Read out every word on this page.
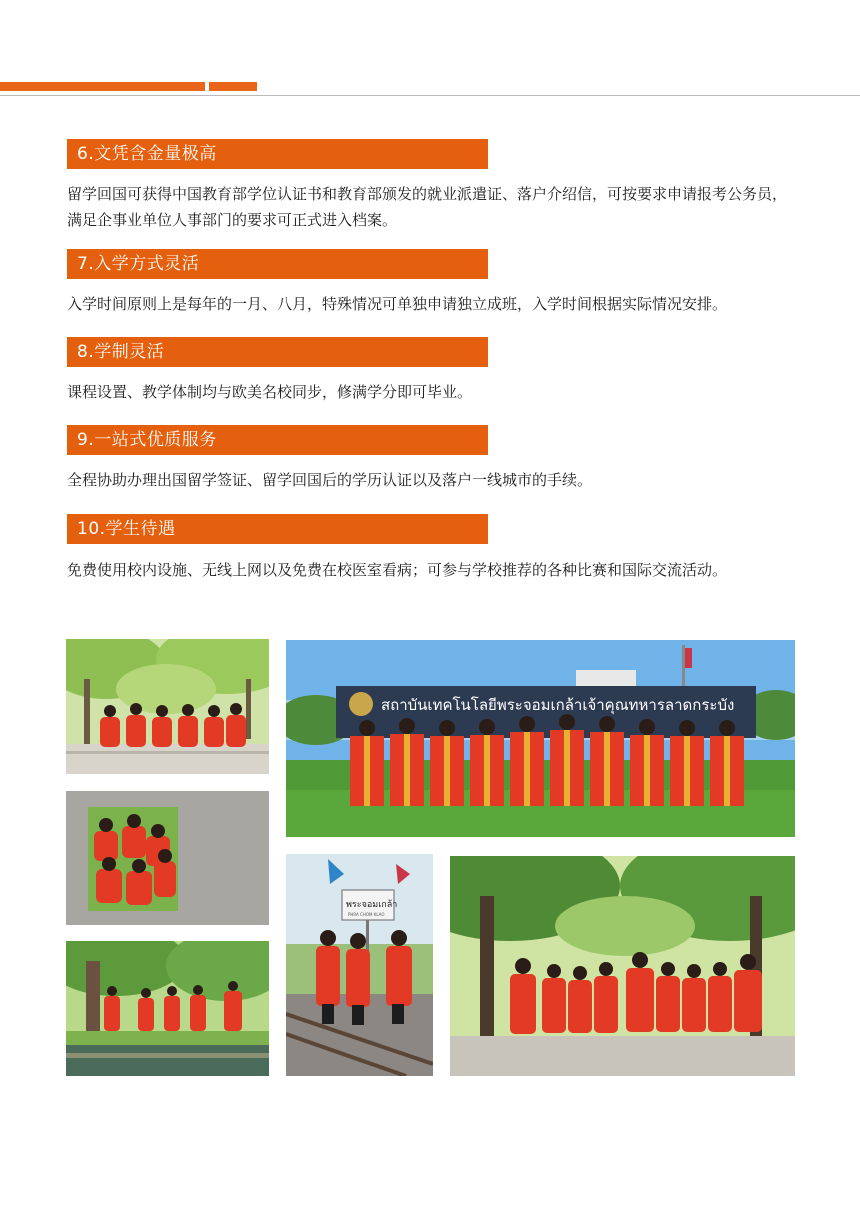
6.文凭含金量极高
留学回国可获得中国教育部学位认证书和教育部颁发的就业派遣证、落户介绍信，可按要求申请报考公务员，满足企事业单位人事部门的要求可正式进入档案。
7.入学方式灵活
入学时间原则上是每年的一月、八月，特殊情况可单独申请独立成班，入学时间根据实际情况安排。
8.学制灵活
课程设置、教学体制均与欧美名校同步，修满学分即可毕业。
9.一站式优质服务
全程协助办理出国留学签证、留学回国后的学历认证以及落户一线城市的手续。
10.学生待遇
免费使用校内设施、无线上网以及免费在校医室看病；可参与学校推荐的各种比赛和国际交流活动。
สถาบันเทคโนโลยีพระจอมเกล้าเจ้าคุณทหารลาดกระบัง
พระจอมเกล้า
PHRA CHOM KLAO
